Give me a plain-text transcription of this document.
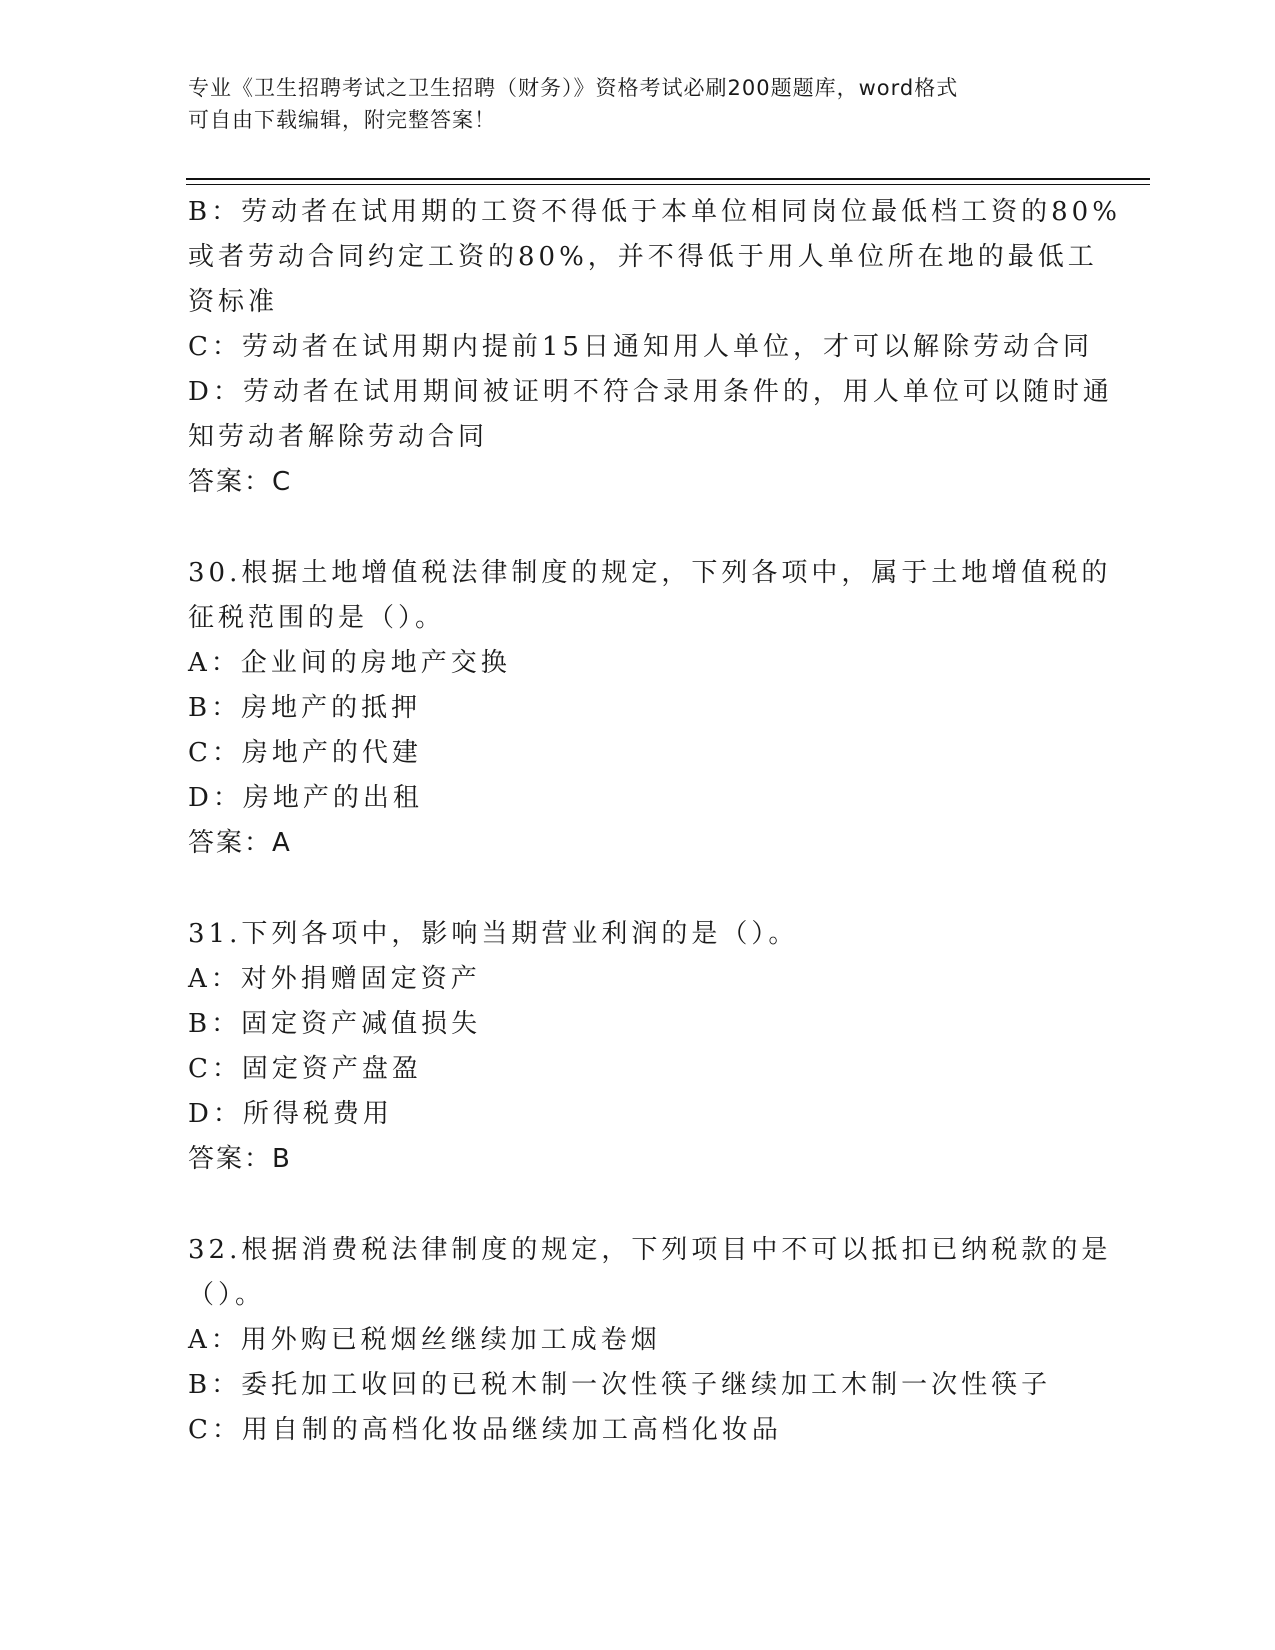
专业《卫生招聘考试之卫生招聘（财务）》资格考试必刷200题题库，word格式
可自由下载编辑，附完整答案！
B：劳动者在试用期的工资不得低于本单位相同岗位最低档工资的80%
或者劳动合同约定工资的80%，并不得低于用人单位所在地的最低工
资标准
C：劳动者在试用期内提前15日通知用人单位，才可以解除劳动合同
D：劳动者在试用期间被证明不符合录用条件的，用人单位可以随时通
知劳动者解除劳动合同
答案：C
30.根据土地增值税法律制度的规定，下列各项中，属于土地增值税的
征税范围的是（）。
A：企业间的房地产交换
B：房地产的抵押
C：房地产的代建
D：房地产的出租
答案：A
31.下列各项中，影响当期营业利润的是（）。
A：对外捐赠固定资产
B：固定资产减值损失
C：固定资产盘盈
D：所得税费用
答案：B
32.根据消费税法律制度的规定，下列项目中不可以抵扣已纳税款的是
（）。
A：用外购已税烟丝继续加工成卷烟
B：委托加工收回的已税木制一次性筷子继续加工木制一次性筷子
C：用自制的高档化妆品继续加工高档化妆品
